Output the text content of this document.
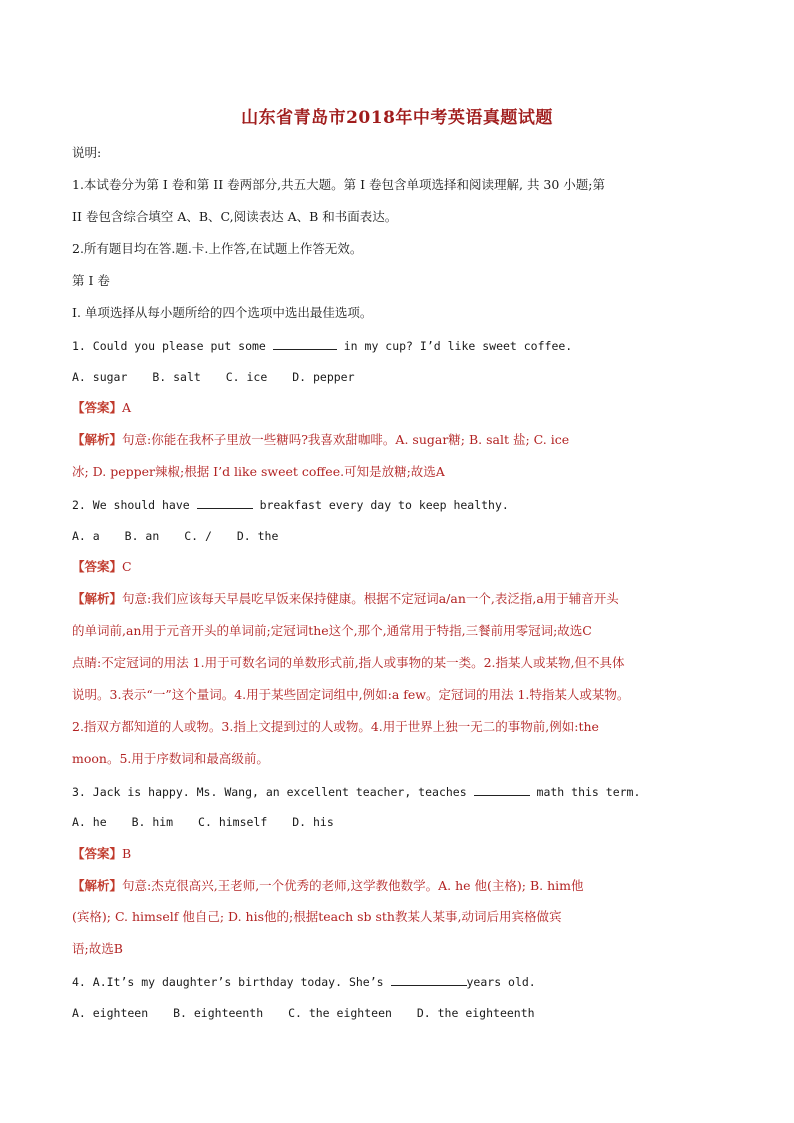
山东省青岛市2018年中考英语真题试题
说明:
1.本试卷分为第 I 卷和第 II 卷两部分,共五大题。第 I 卷包含单项选择和阅读理解, 共 30 小题;第
II 卷包含综合填空 A、B、C,阅读表达 A、B 和书面表达。
2.所有题目均在答.题.卡.上作答,在试题上作答无效。
第 I 卷
I. 单项选择从每小题所给的四个选项中选出最佳选项。
1. Could you please put some	in my cup? I’d like sweet coffee.
A. sugar B. salt C. ice D. pepper
【答案】A
【解析】句意:你能在我杯子里放一些糖吗?我喜欢甜咖啡。A. sugar糖; B. salt 盐; C. ice
冰; D. pepper辣椒;根据 I’d like sweet coffee.可知是放糖;故选A
2. We should have	breakfast every day to keep healthy.
A. a B. an C. / D. the
【答案】C
【解析】句意:我们应该每天早晨吃早饭来保持健康。根据不定冠词a/an一个,表泛指,a用于辅音开头
的单词前,an用于元音开头的单词前;定冠词the这个,那个,通常用于特指,三餐前用零冠词;故选C
点睛:不定冠词的用法 1.用于可数名词的单数形式前,指人或事物的某一类。2.指某人或某物,但不具体
说明。3.表示“一”这个量词。4.用于某些固定词组中,例如:a few。定冠词的用法 1.特指某人或某物。
2.指双方都知道的人或物。3.指上文提到过的人或物。4.用于世界上独一无二的事物前,例如:the
moon。5.用于序数词和最高级前。
3. Jack is happy. Ms. Wang, an excellent teacher, teaches	math this term.
A. he B. him C. himself D. his
【答案】B
【解析】句意:杰克很高兴,王老师,一个优秀的老师,这学教他数学。A. he 他(主格); B. him他
(宾格); C. himself 他自己; D. his他的;根据teach sb sth教某人某事,动词后用宾格做宾
语;故选B
4. A.It’s my daughter’s birthday today. She’s	years old.
A. eighteen B. eighteenth C. the eighteen D. the eighteenth
